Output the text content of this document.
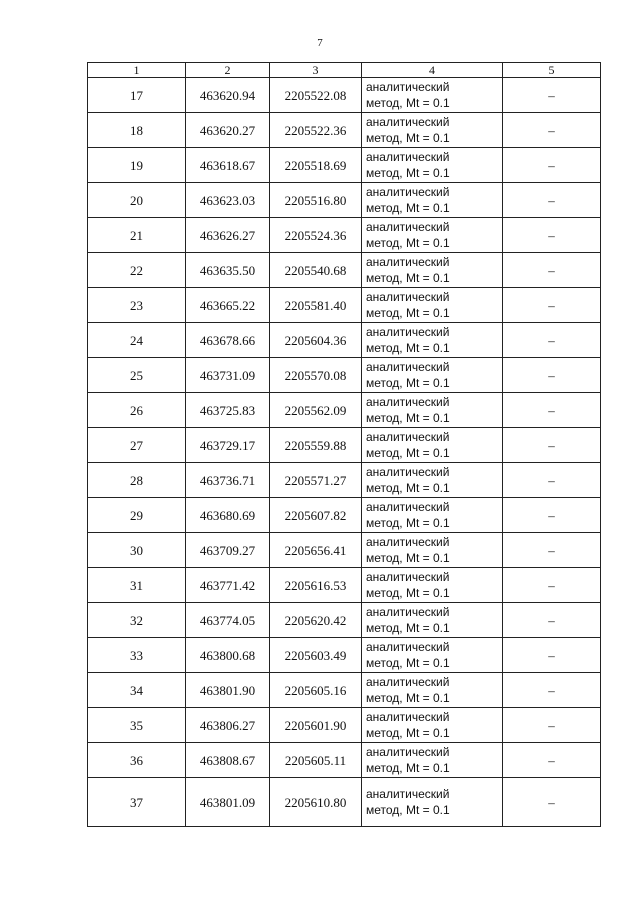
7
1	2	3	4	5
17	463620.94	2205522.08	аналитический
метод, Mt = 0.1	–
18	463620.27	2205522.36	аналитический
метод, Mt = 0.1	–
19	463618.67	2205518.69	аналитический
метод, Mt = 0.1	–
20	463623.03	2205516.80	аналитический
метод, Mt = 0.1	–
21	463626.27	2205524.36	аналитический
метод, Mt = 0.1	–
22	463635.50	2205540.68	аналитический
метод, Mt = 0.1	–
23	463665.22	2205581.40	аналитический
метод, Mt = 0.1	–
24	463678.66	2205604.36	аналитический
метод, Mt = 0.1	–
25	463731.09	2205570.08	аналитический
метод, Mt = 0.1	–
26	463725.83	2205562.09	аналитический
метод, Mt = 0.1	–
27	463729.17	2205559.88	аналитический
метод, Mt = 0.1	–
28	463736.71	2205571.27	аналитический
метод, Mt = 0.1	–
29	463680.69	2205607.82	аналитический
метод, Mt = 0.1	–
30	463709.27	2205656.41	аналитический
метод, Mt = 0.1	–
31	463771.42	2205616.53	аналитический
метод, Mt = 0.1	–
32	463774.05	2205620.42	аналитический
метод, Mt = 0.1	–
33	463800.68	2205603.49	аналитический
метод, Mt = 0.1	–
34	463801.90	2205605.16	аналитический
метод, Mt = 0.1	–
35	463806.27	2205601.90	аналитический
метод, Mt = 0.1	–
36	463808.67	2205605.11	аналитический
метод, Mt = 0.1	–
37	463801.09	2205610.80	аналитический
метод, Mt = 0.1	–
